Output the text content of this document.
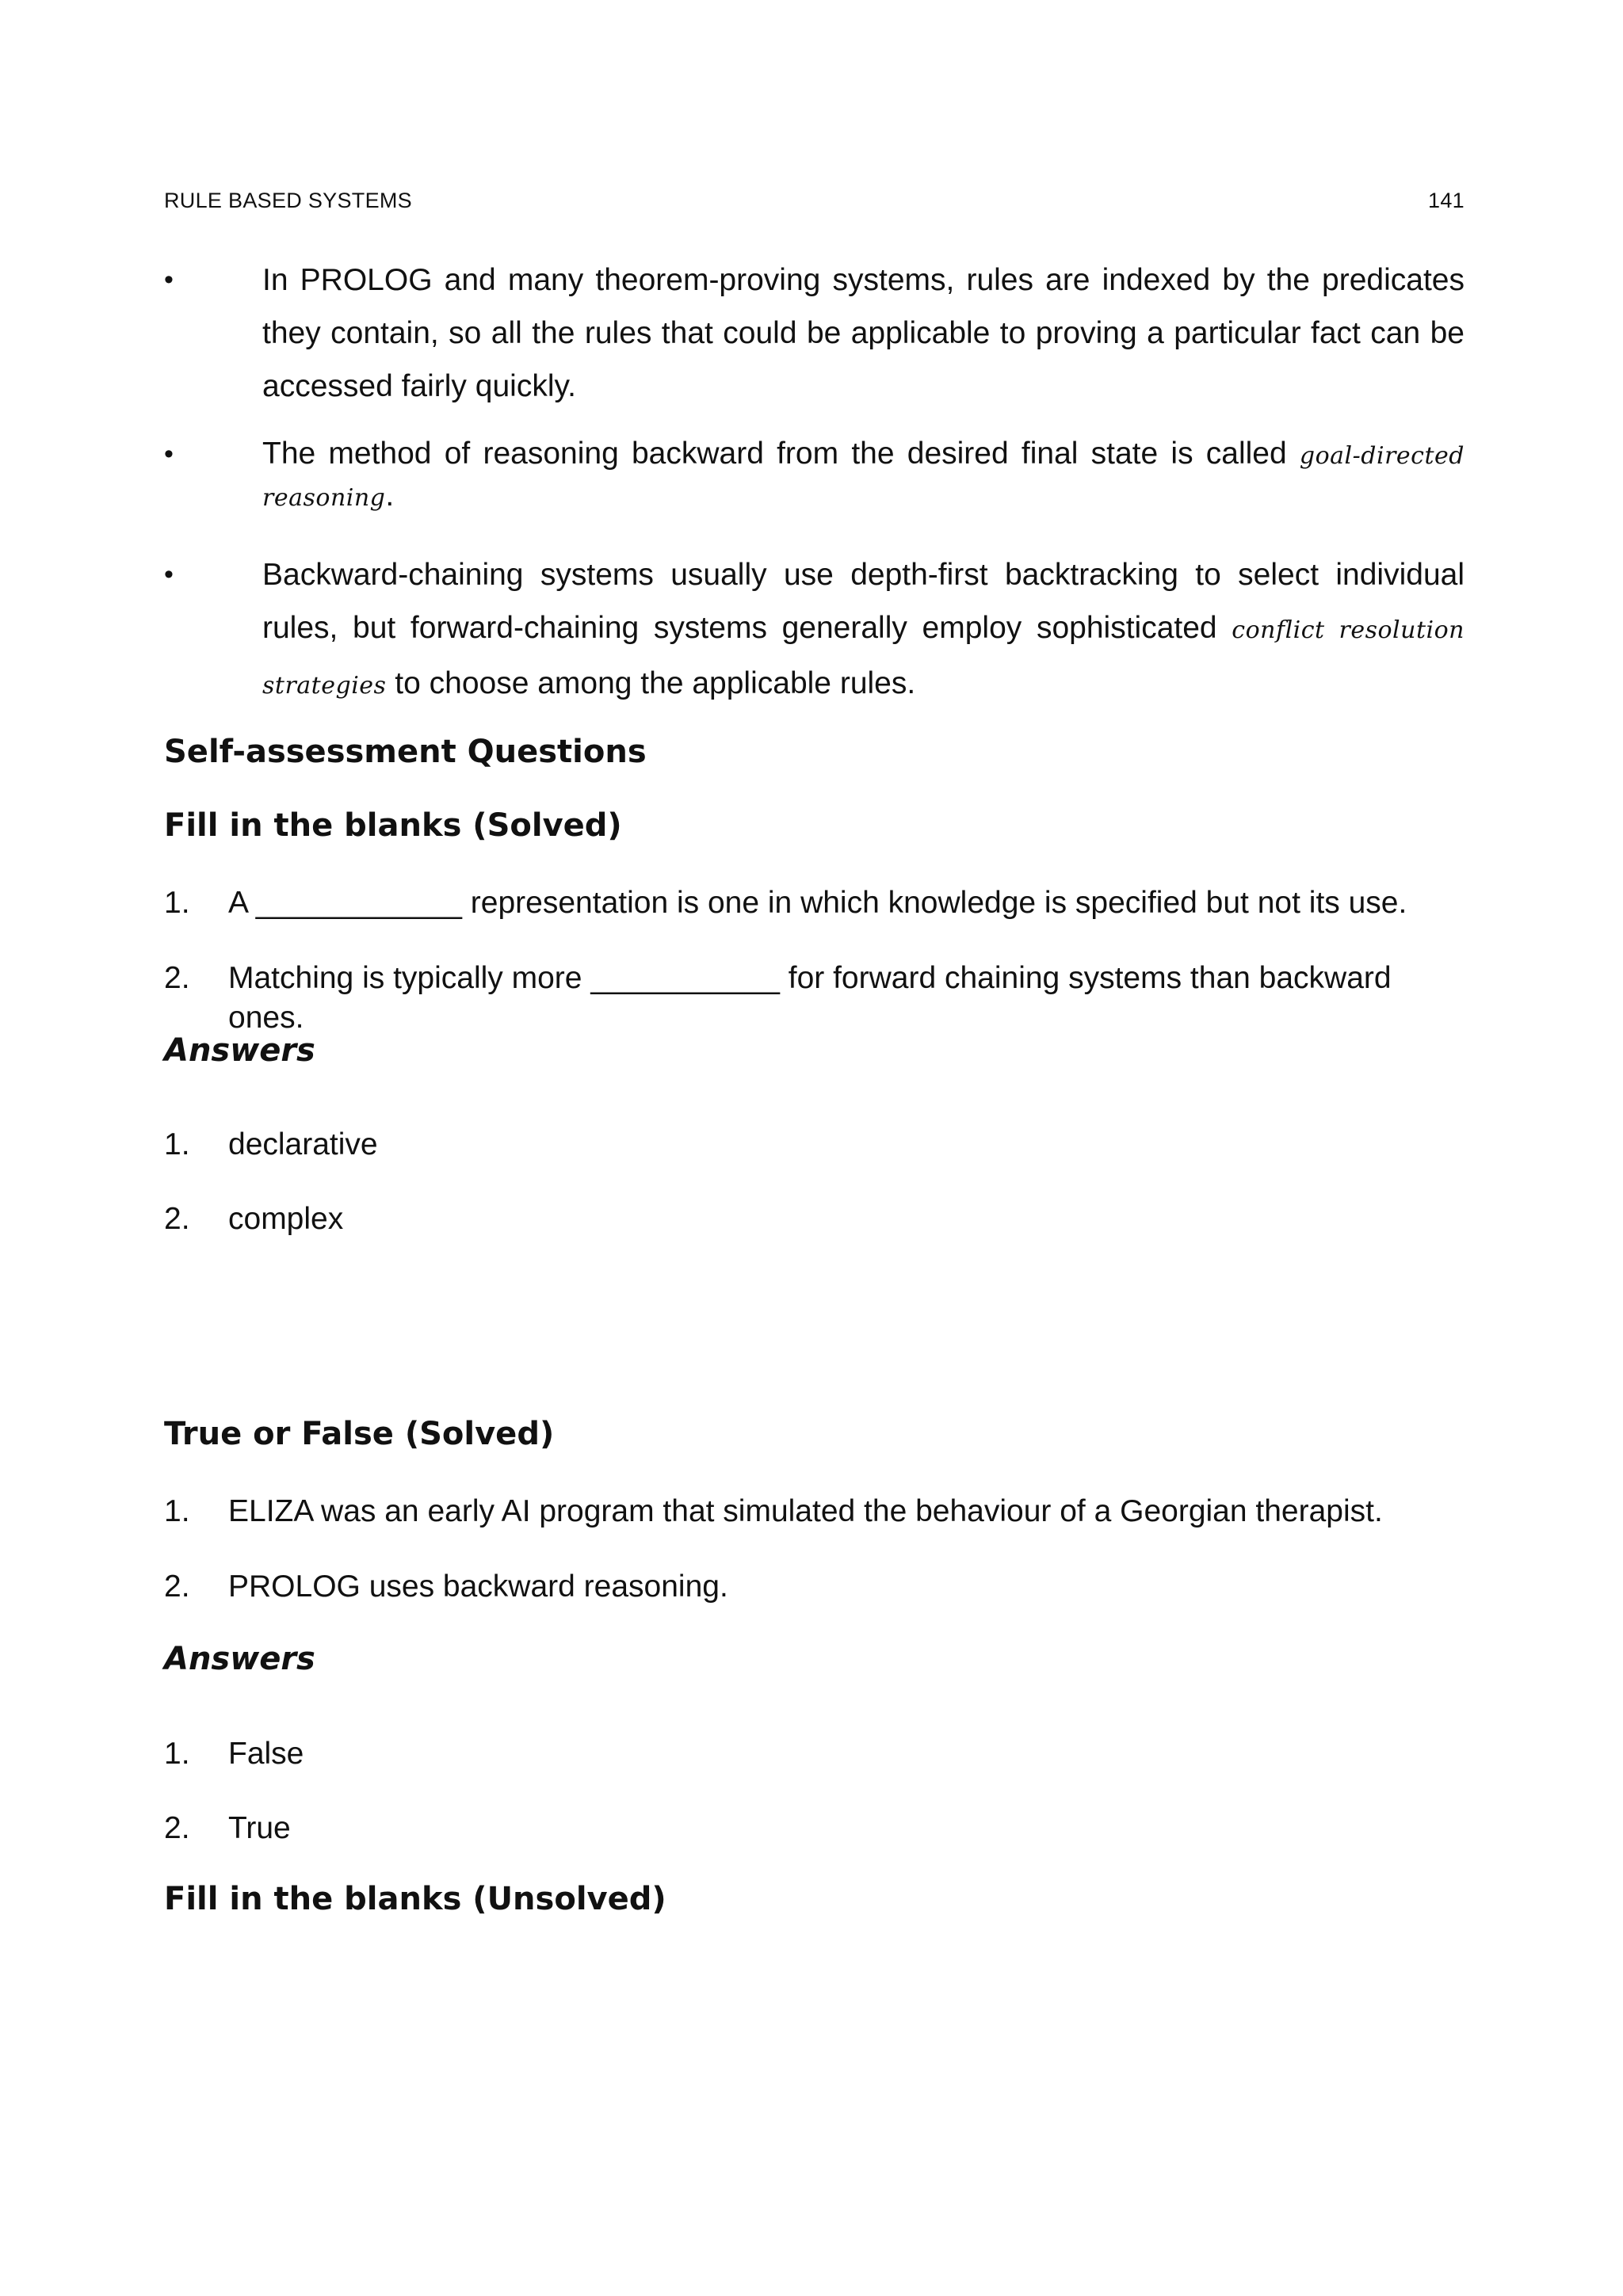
RULE BASED SYSTEMS	141
•	In PROLOG and many theorem-proving systems, rules are indexed by the predicates they contain, so all the rules that could be applicable to proving a particular fact can be accessed fairly quickly.
•	The method of reasoning backward from the desired final state is called goal-directed reasoning.
•	Backward-chaining systems usually use depth-first backtracking to select individual rules, but forward-chaining systems generally employ sophisticated conflict resolution strategies to choose among the applicable rules.
Self-assessment Questions
Fill in the blanks (Solved)
1. A ____________ representation is one in which knowledge is specified but not its use.
2. Matching is typically more ___________ for forward chaining systems than backward ones.
Answers
1. declarative
2. complex
True or False (Solved)
1. ELIZA was an early AI program that simulated the behaviour of a Georgian therapist.
2. PROLOG uses backward reasoning.
Answers
1. False
2. True
Fill in the blanks (Unsolved)
